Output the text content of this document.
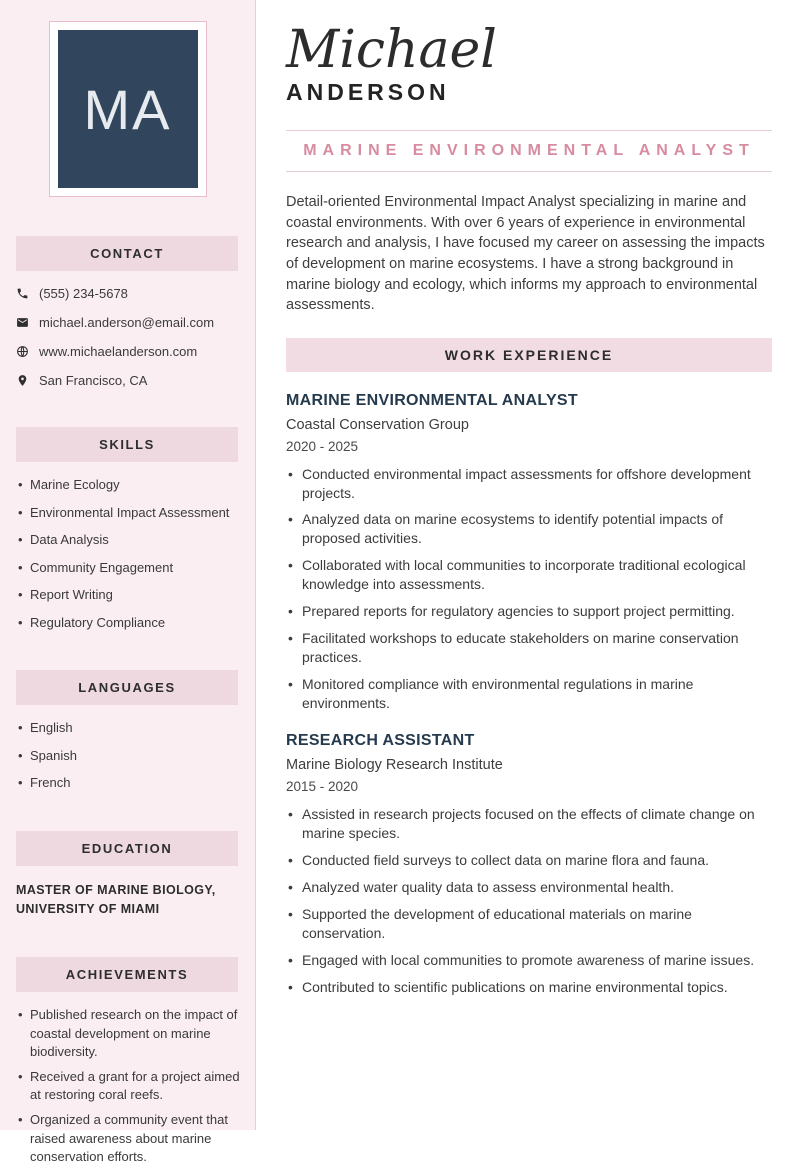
MA
CONTACT
(555) 234-5678
michael.anderson@email.com
www.michaelanderson.com
San Francisco, CA
SKILLS
• Marine Ecology
• Environmental Impact Assessment
• Data Analysis
• Community Engagement
• Report Writing
• Regulatory Compliance
LANGUAGES
• English
• Spanish
• French
EDUCATION
MASTER OF MARINE BIOLOGY, UNIVERSITY OF MIAMI
ACHIEVEMENTS
• Published research on the impact of coastal development on marine biodiversity.
• Received a grant for a project aimed at restoring coral reefs.
• Organized a community event that raised awareness about marine conservation efforts.
Michael
ANDERSON
MARINE ENVIRONMENTAL ANALYST

Detail-oriented Environmental Impact Analyst specializing in marine and coastal environments. With over 6 years of experience in environmental research and analysis, I have focused my career on assessing the impacts of development on marine ecosystems. I have a strong background in marine biology and ecology, which informs my approach to environmental assessments.

WORK EXPERIENCE
MARINE ENVIRONMENTAL ANALYST
Coastal Conservation Group
2020 - 2025
• Conducted environmental impact assessments for offshore development projects.
• Analyzed data on marine ecosystems to identify potential impacts of proposed activities.
• Collaborated with local communities to incorporate traditional ecological knowledge into assessments.
• Prepared reports for regulatory agencies to support project permitting.
• Facilitated workshops to educate stakeholders on marine conservation practices.
• Monitored compliance with environmental regulations in marine environments.
RESEARCH ASSISTANT
Marine Biology Research Institute
2015 - 2020
• Assisted in research projects focused on the effects of climate change on marine species.
• Conducted field surveys to collect data on marine flora and fauna.
• Analyzed water quality data to assess environmental health.
• Supported the development of educational materials on marine conservation.
• Engaged with local communities to promote awareness of marine issues.
• Contributed to scientific publications on marine environmental topics.
